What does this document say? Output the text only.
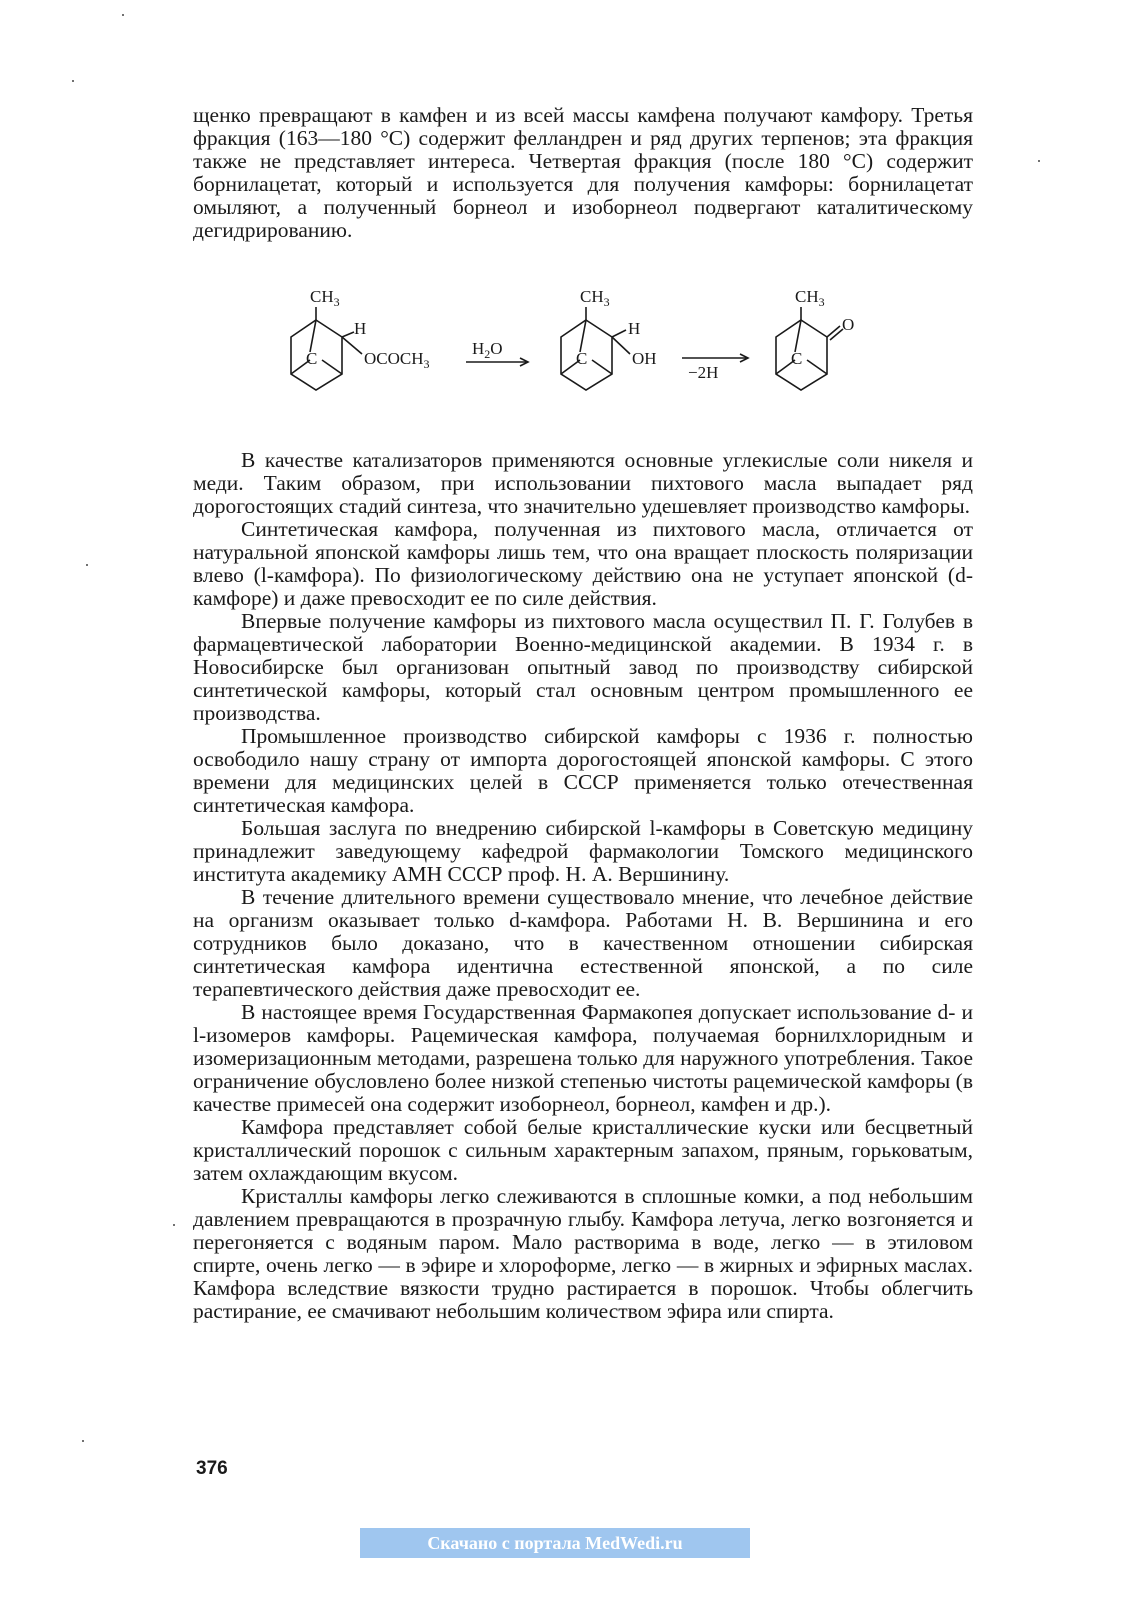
щенко превращают в камфен и из всей массы камфена получают камфору. Третья фракция (163—180 °С) содержит фелландрен и ряд других терпенов; эта фракция также не представляет интереса. Четвертая фракция (после 180 °С) содержит борнилацетат, который и используется для получения камфоры: борнилацетат омыляют, а полученный борнеол и изоборнеол подвергают каталитическому дегидрированию.

$CH_3$
H
C	$OCOCH_3$
$H_2O$
$CH_3$
H
C	OH
−2H
$CH_3$
O
C

В качестве катализаторов применяются основные углекислые соли никеля и меди. Таким образом, при использовании пихтового масла выпадает ряд дорогостоящих стадий синтеза, что значительно удешевляет производство камфоры.

Синтетическая камфора, полученная из пихтового масла, отличается от натуральной японской камфоры лишь тем, что она вращает плоскость поляризации влево (l-камфора). По физиологическому действию она не уступает японской (d-камфоре) и даже превосходит ее по силе действия.

Впервые получение камфоры из пихтового масла осуществил П. Г. Голубев в фармацевтической лаборатории Военно-медицинской академии. В 1934 г. в Новосибирске был организован опытный завод по производству сибирской синтетической камфоры, который стал основным центром промышленного ее производства.

Промышленное производство сибирской камфоры с 1936 г. полностью освободило нашу страну от импорта дорогостоящей японской камфоры. С этого времени для медицинских целей в СССР применяется только отечественная синтетическая камфора.

Большая заслуга по внедрению сибирской l-камфоры в Советскую медицину принадлежит заведующему кафедрой фармакологии Томского медицинского института академику АМН СССР проф. Н. А. Вершинину.

В течение длительного времени существовало мнение, что лечебное действие на организм оказывает только d-камфора. Работами Н. В. Вершинина и его сотрудников было доказано, что в качественном отношении сибирская синтетическая камфора идентична естественной японской, а по силе терапевтического действия даже превосходит ее.

В настоящее время Государственная Фармакопея допускает использование d- и l-изомеров камфоры. Рацемическая камфора, получаемая борнилхлоридным и изомеризационным методами, разрешена только для наружного употребления. Такое ограничение обусловлено более низкой степенью чистоты рацемической камфоры (в качестве примесей она содержит изоборнеол, борнеол, камфен и др.).

Камфора представляет собой белые кристаллические куски или бесцветный кристаллический порошок с сильным характерным запахом, пряным, горьковатым, затем охлаждающим вкусом.

Кристаллы камфоры легко слеживаются в сплошные комки, а под небольшим давлением превращаются в прозрачную глыбу. Камфора летуча, легко возгоняется и перегоняется с водяным паром. Мало растворима в воде, легко — в этиловом спирте, очень легко — в эфире и хлороформе, легко — в жирных и эфирных маслах. Камфора вследствие вязкости трудно растирается в порошок. Чтобы облегчить растирание, ее смачивают небольшим количеством эфира или спирта.

376
Скачано с портала MedWedi.ru
